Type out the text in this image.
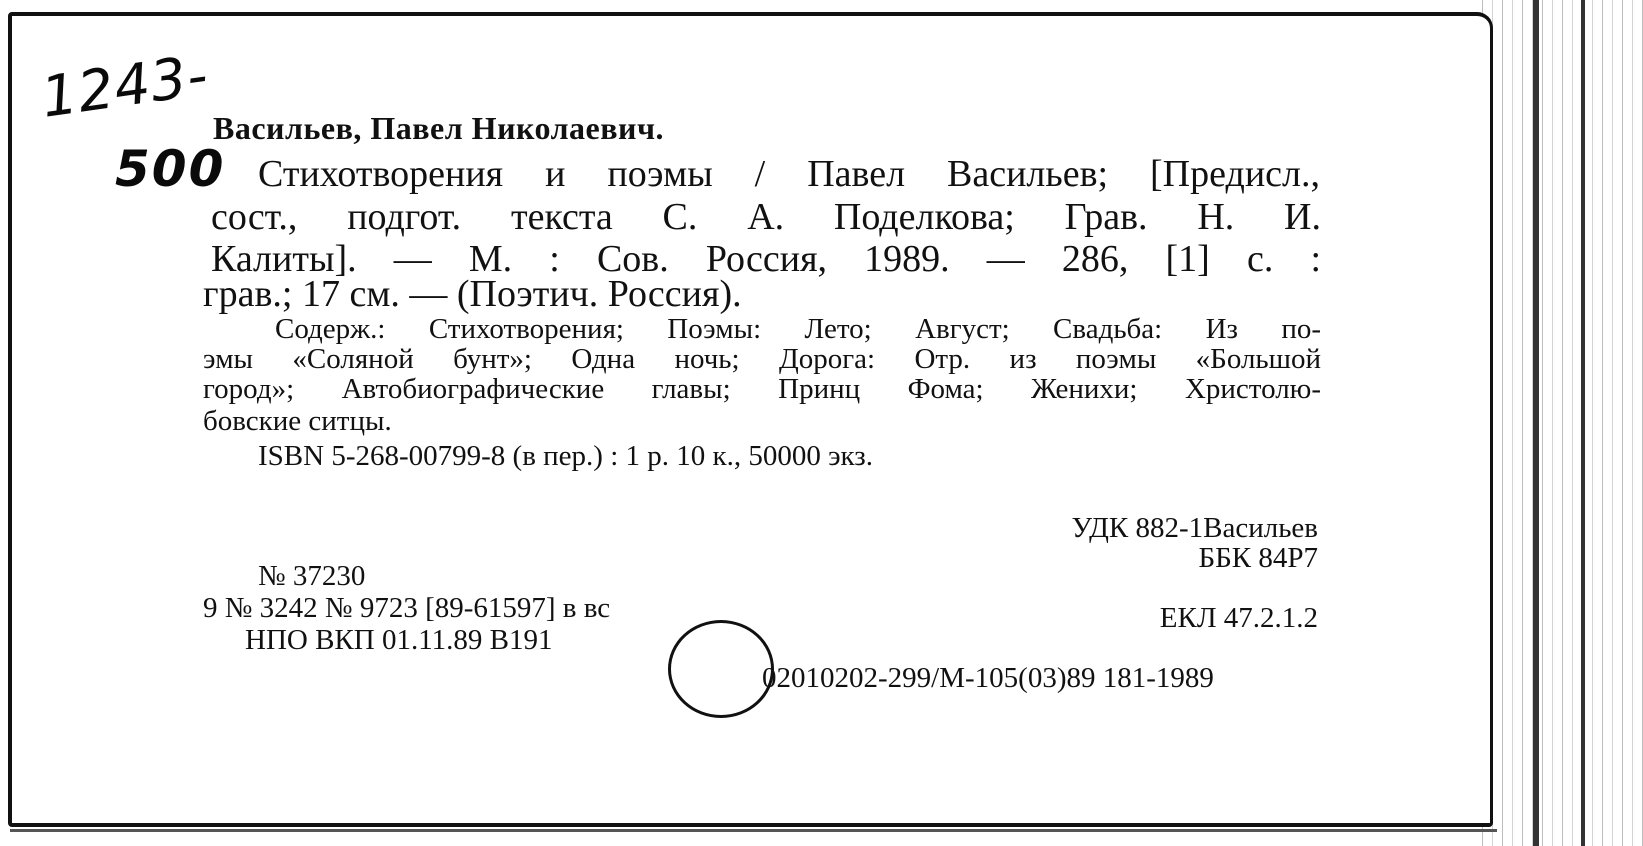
1243-
500
Васильев, Павел Николаевич.
Стихотворения и поэмы / Павел Васильев; [Предисл.,
сост., подгот. текста С. А. Поделкова; Грав. Н. И.
Калиты]. — М. : Сов. Россия, 1989. — 286, [1] с. :
грав.; 17 см. — (Поэтич. Россия).
Содерж.: Стихотворения; Поэмы: Лето; Август; Свадьба: Из по-
эмы «Соляной бунт»; Одна ночь; Дорога: Отр. из поэмы «Большой
город»; Автобиографические главы; Принц Фома; Женихи; Христолю-
бовские ситцы.
ISBN 5-268-00799-8 (в пер.) : 1 р. 10 к., 50000 экз.
УДК 882-1Васильев
ББК 84Р7
№ 37230
9 № 3242 № 9723 [89-61597] в вс
НПО ВКП 01.11.89 В191
ЕКЛ 47.2.1.2
02010202-299/М-105(03)89 181-1989
